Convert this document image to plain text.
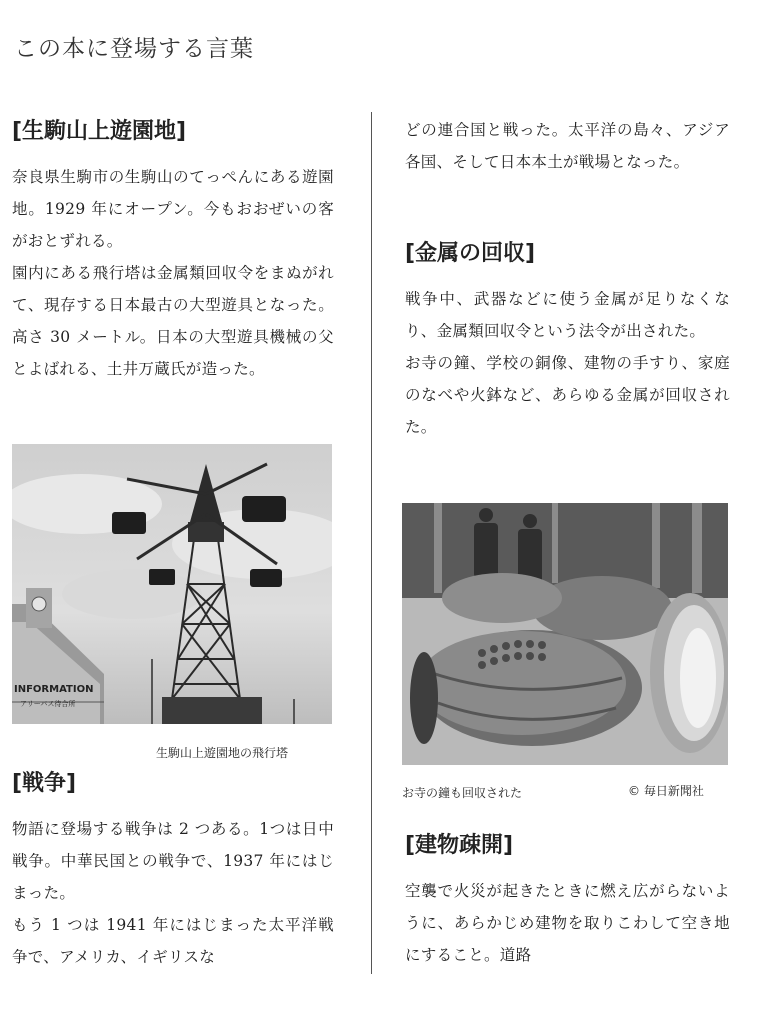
この本に登場する言葉
[生駒山上遊園地]

奈良県生駒市の生駒山のてっぺんにある遊園地。1929 年にオープン。今もおおぜいの客がおとずれる。

園内にある飛行塔は金属類回収令をまぬがれて、現存する日本最古の大型遊具となった。高さ 30 メートル。日本の大型遊具機械の父とよばれる、土井万蔵氏が造った。

INFORMATION
アリーバス待合所
生駒山上遊園地の飛行塔
[戦争]

物語に登場する戦争は 2 つある。1つは日中戦争。中華民国との戦争で、1937 年にはじまった。

もう 1 つは 1941 年にはじまった太平洋戦争で、アメリカ、イギリスな

どの連合国と戦った。太平洋の島々、アジア各国、そして日本本土が戦場となった。

[金属の回収]

戦争中、武器などに使う金属が足りなくなり、金属類回収令という法令が出された。

お寺の鐘、学校の銅像、建物の手すり、家庭のなべや火鉢など、あらゆる金属が回収された。

お寺の鐘も回収された	© 毎日新聞社
[建物疎開]

空襲で火災が起きたときに燃え広がらないように、あらかじめ建物を取りこわして空き地にすること。道路
